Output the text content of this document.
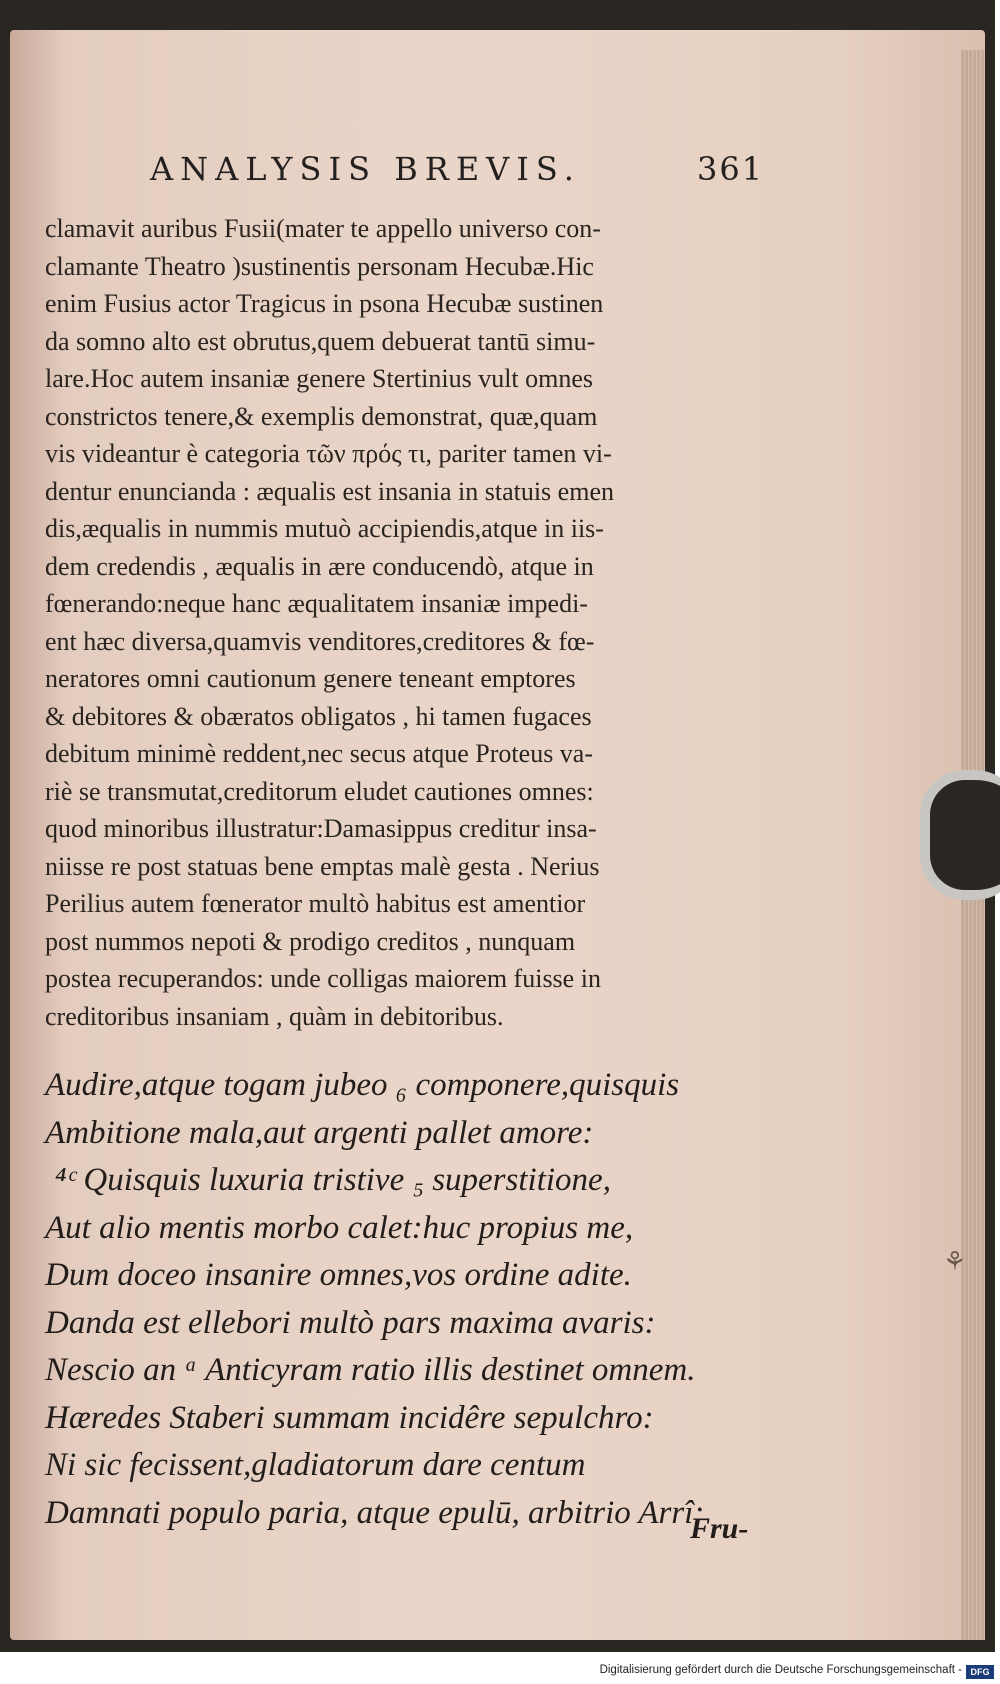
ANALYSIS BREVIS.	361
clamavit auribus Fusii(mater te appello universo con-
clamante Theatro )sustinentis personam Hecubæ.Hic
enim Fusius actor Tragicus in psona Hecubæ sustinen
da somno alto est obrutus,quem debuerat tantū simu-
lare.Hoc autem insaniæ genere Stertinius vult omnes
constrictos tenere,& exemplis demonstrat, quæ,quam
vis videantur è categoria τῶν πρός τι, pariter tamen vi-
dentur enuncianda : æqualis est insania in statuis emen
dis,æqualis in nummis mutuò accipiendis,atque in iis-
dem credendis , æqualis in ære conducendò, atque in
fœnerando:neque hanc æqualitatem insaniæ impedi-
ent hæc diversa,quamvis venditores,creditores & fœ-
neratores omni cautionum genere teneant emptores
& debitores & obæratos obligatos , hi tamen fugaces
debitum minimè reddent,nec secus atque Proteus va-
riè se transmutat,creditorum eludet cautiones omnes:
quod minoribus illustratur:Damasippus creditur insa-
niisse re post statuas bene emptas malè gesta . Nerius
Perilius autem fœnerator multò habitus est amentior
post nummos nepoti & prodigo creditos , nunquam
postea recuperandos: unde colligas maiorem fuisse in
creditoribus insaniam , quàm in debitoribus.
Audire,atque togam jubeo ₆ componere,quisquis
Ambitione mala,aut argenti pallet amore:
⁴ᶜ Quisquis luxuria tristive ₅ superstitione,
Aut alio mentis morbo calet:huc propius me,
Dum doceo insanire omnes,vos ordine adite.
Danda est ellebori multò pars maxima avaris:
Nescio an ᵃ Anticyram ratio illis destinet omnem.
Hæredes Staberi summam incidêre sepulchro:
Ni sic fecissent,gladiatorum dare centum
Damnati populo paria, atque epulū, arbitrio Arrî:
Fru-
⚘
Digitalisierung gefördert durch die Deutsche Forschungsgemeinschaft - DFG
